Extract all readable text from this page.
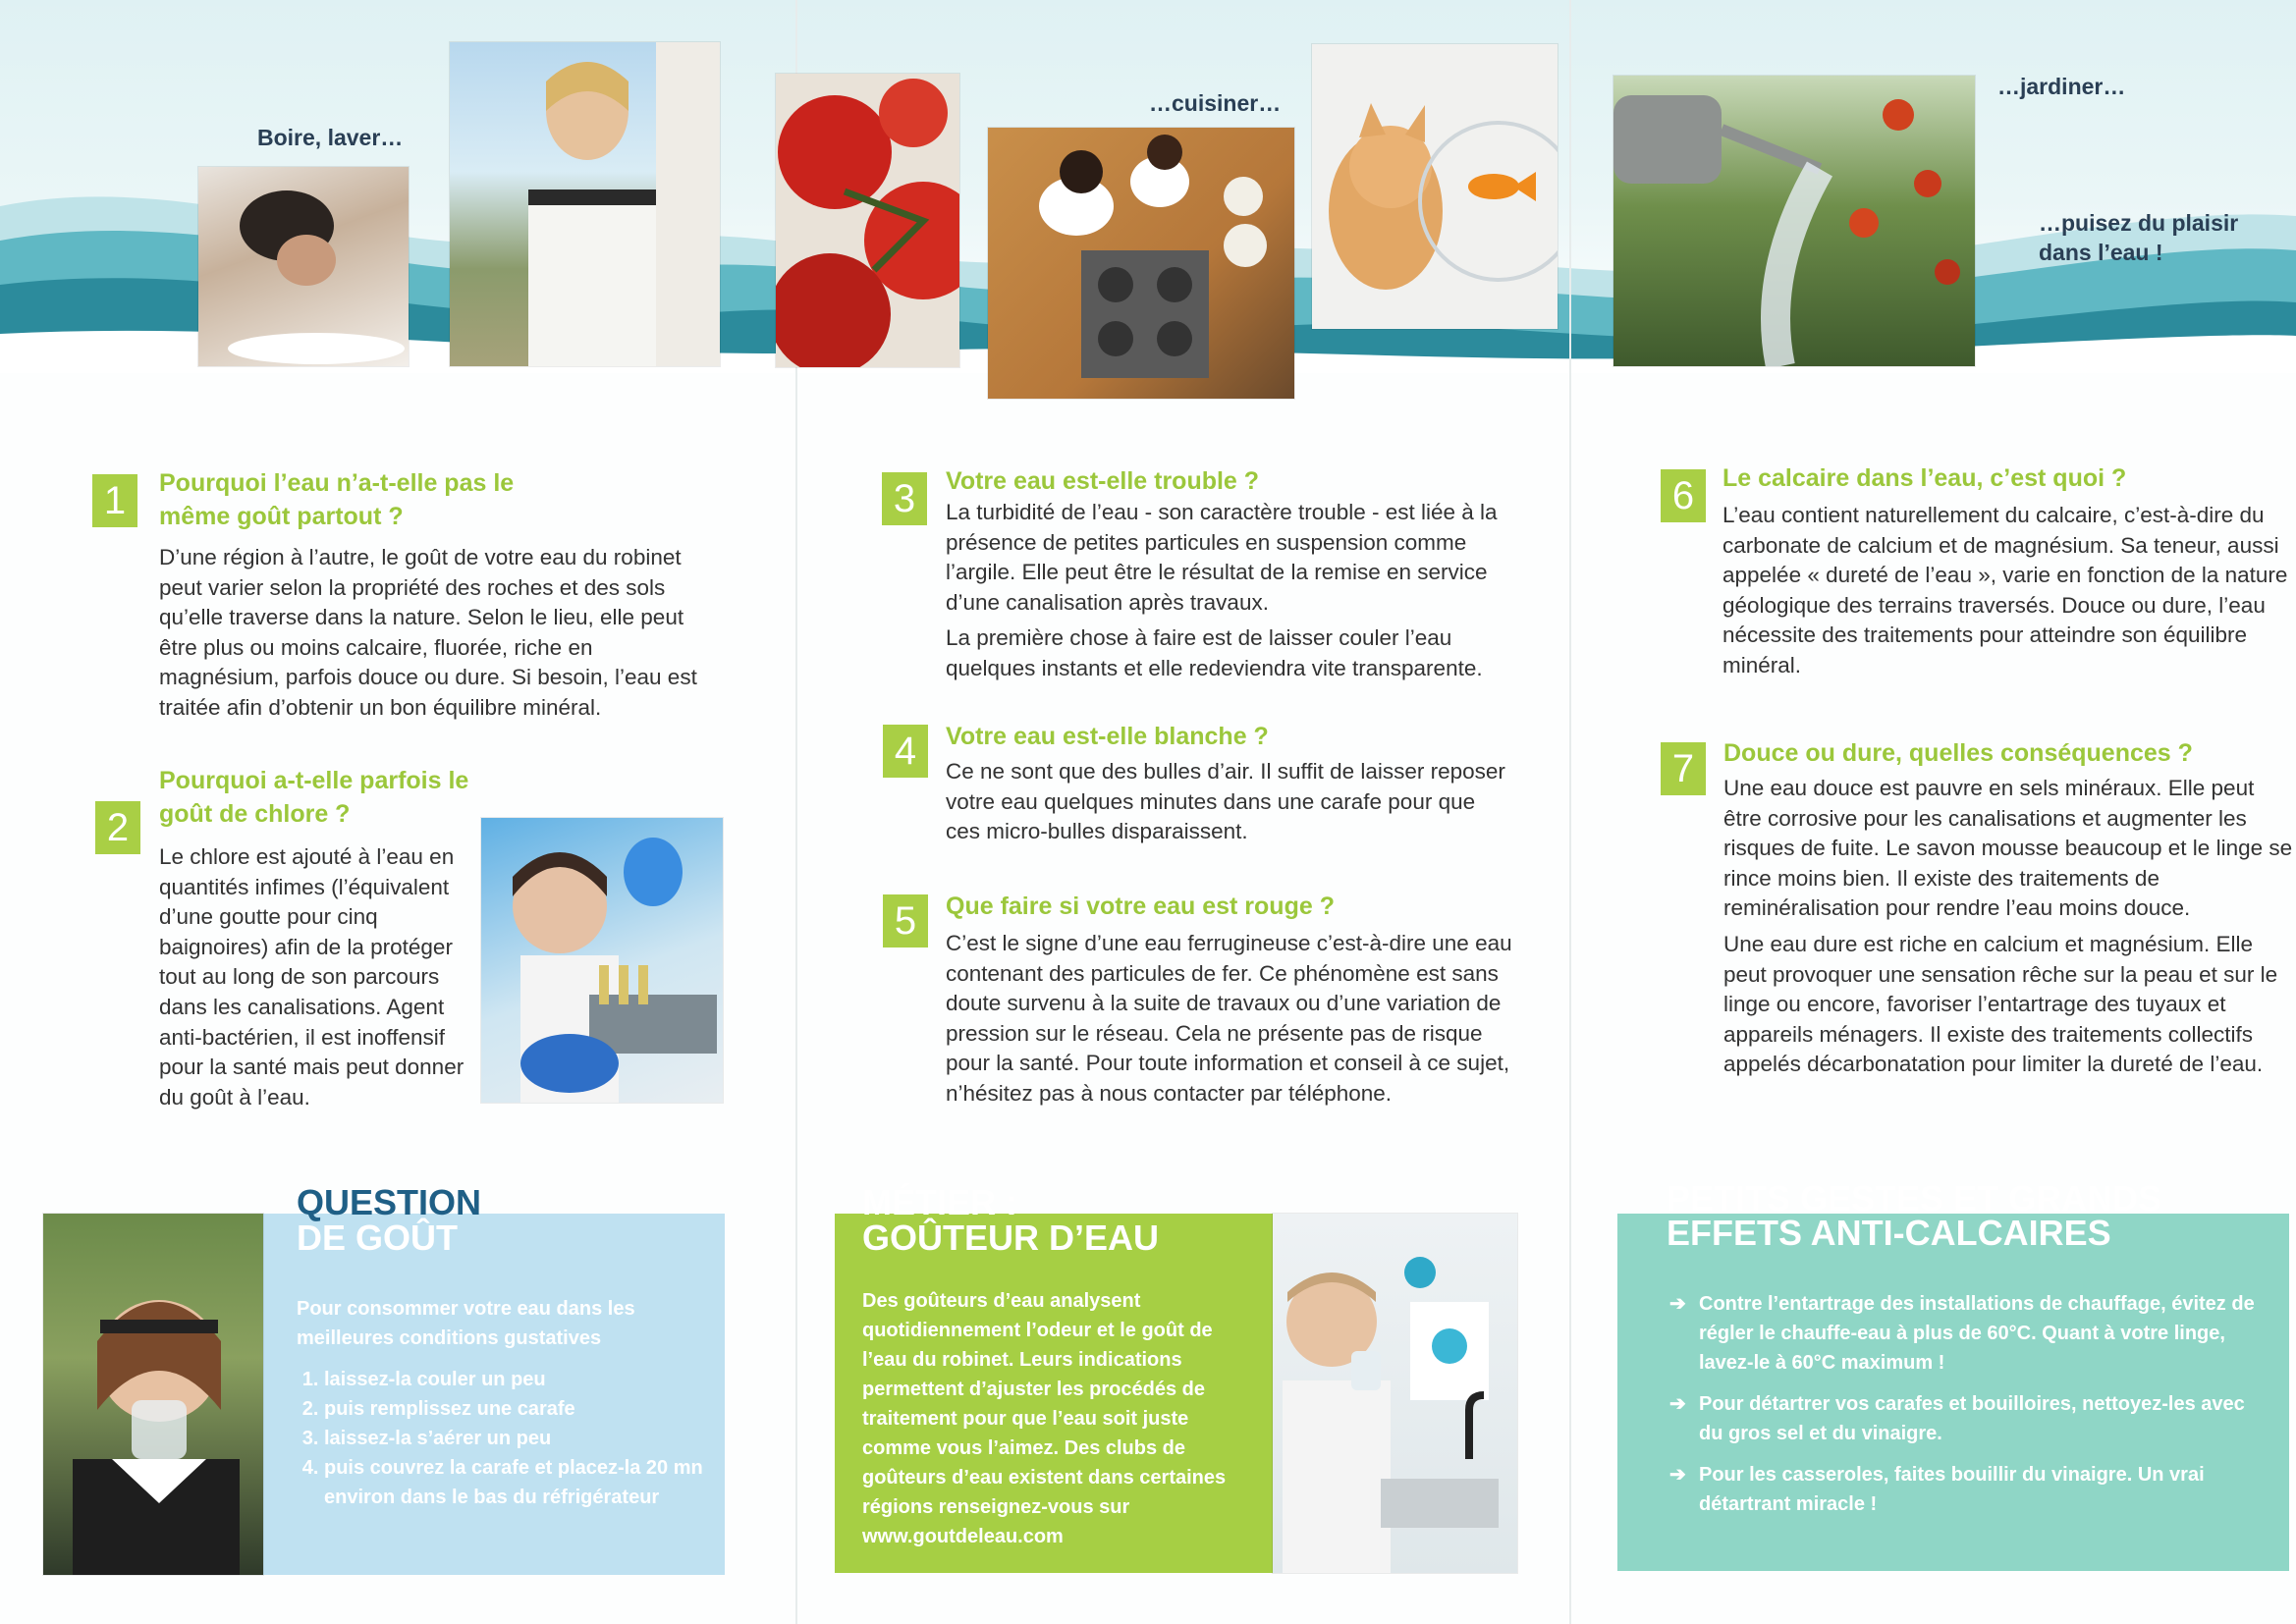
…cuisiner…
…jardiner…
Boire, laver…
…puisez du plaisir dans l’eau !
1	Pourquoi l’eau n’a-t-elle pas le même goût partout ?

D’une région à l’autre, le goût de votre eau du robinet peut varier selon la propriété des roches et des sols qu’elle traverse dans la nature. Selon le lieu, elle peut être plus ou moins calcaire, fluorée, riche en magnésium, parfois douce ou dure. Si besoin, l’eau est traitée afin d’obtenir un bon équilibre minéral.

2
Pourquoi a-t-elle parfois le goût de chlore ?

Le chlore est ajouté à l’eau en quantités infimes (l’équivalent d’une goutte pour cinq baignoires) afin de la protéger tout au long de son parcours dans les canalisations. Agent anti-bactérien, il est inoffensif pour la santé mais peut donner du goût à l’eau.

3	Votre eau est-elle trouble ?

La turbidité de l’eau - son caractère trouble - est liée à la présence de petites particules en suspension comme l’argile. Elle peut être le résultat de la remise en service d’une canalisation après travaux.

La première chose à faire est de laisser couler l’eau quelques instants et elle redeviendra vite transparente.

4	Votre eau est-elle blanche ?

Ce ne sont que des bulles d’air. Il suffit de laisser reposer votre eau quelques minutes dans une carafe pour que ces micro-bulles disparaissent.

5	Que faire si votre eau est rouge ?

C’est le signe d’une eau ferrugineuse c’est-à-dire une eau contenant des particules de fer. Ce phénomène est sans doute survenu à la suite de travaux ou d’une variation de pression sur le réseau. Cela ne présente pas de risque pour la santé. Pour toute information et conseil à ce sujet, n’hésitez pas à nous contacter par téléphone.

6	Le calcaire dans l’eau, c’est quoi ?

L’eau contient naturellement du calcaire, c’est-à-dire du carbonate de calcium et de magnésium. Sa teneur, aussi appelée « dureté de l’eau », varie en fonction de la nature géologique des terrains traversés. Douce ou dure, l’eau nécessite des traitements pour atteindre son équilibre minéral.

7	Douce ou dure, quelles conséquences ?

Une eau douce est pauvre en sels minéraux. Elle peut être corrosive pour les canalisations et augmenter les risques de fuite. Le savon mousse beaucoup et le linge se rince moins bien. Il existe des traitements de reminéralisation pour rendre l’eau moins douce.

Une eau dure est riche en calcium et magnésium. Elle peut provoquer une sensation rêche sur la peau et sur le linge ou encore, favoriser l’entartrage des tuyaux et appareils ménagers. Il existe des traitements collectifs appelés décarbonatation pour limiter la dureté de l’eau.

QUESTION
DE GOÛT
Pour consommer votre eau dans les meilleures conditions gustatives
1. laissez-la couler un peu
2. puis remplissez une carafe
3. laissez-la s’aérer un peu
4. puis couvrez la carafe et placez-la 20 mn environ dans le bas du réfrigérateur
MÉTIER :
GOÛTEUR D’EAU
Des goûteurs d’eau analysent quotidiennement l’odeur et le goût de l’eau du robinet. Leurs indications permettent d’ajuster les procédés de traitement pour que l’eau soit juste comme vous l’aimez. Des clubs de goûteurs d’eau existent dans certaines régions renseignez-vous sur www.goutdeleau.com
PETITS GESTES ET GRANDS
EFFETS ANTI-CALCAIRES
➔ Contre l’entartrage des installations de chauffage, évitez de régler le chauffe-eau à plus de 60°C. Quant à votre linge, lavez-le à 60°C maximum !
➔ Pour détartrer vos carafes et bouilloires, nettoyez-les avec du gros sel et du vinaigre.
➔ Pour les casseroles, faites bouillir du vinaigre. Un vrai détartrant miracle !
